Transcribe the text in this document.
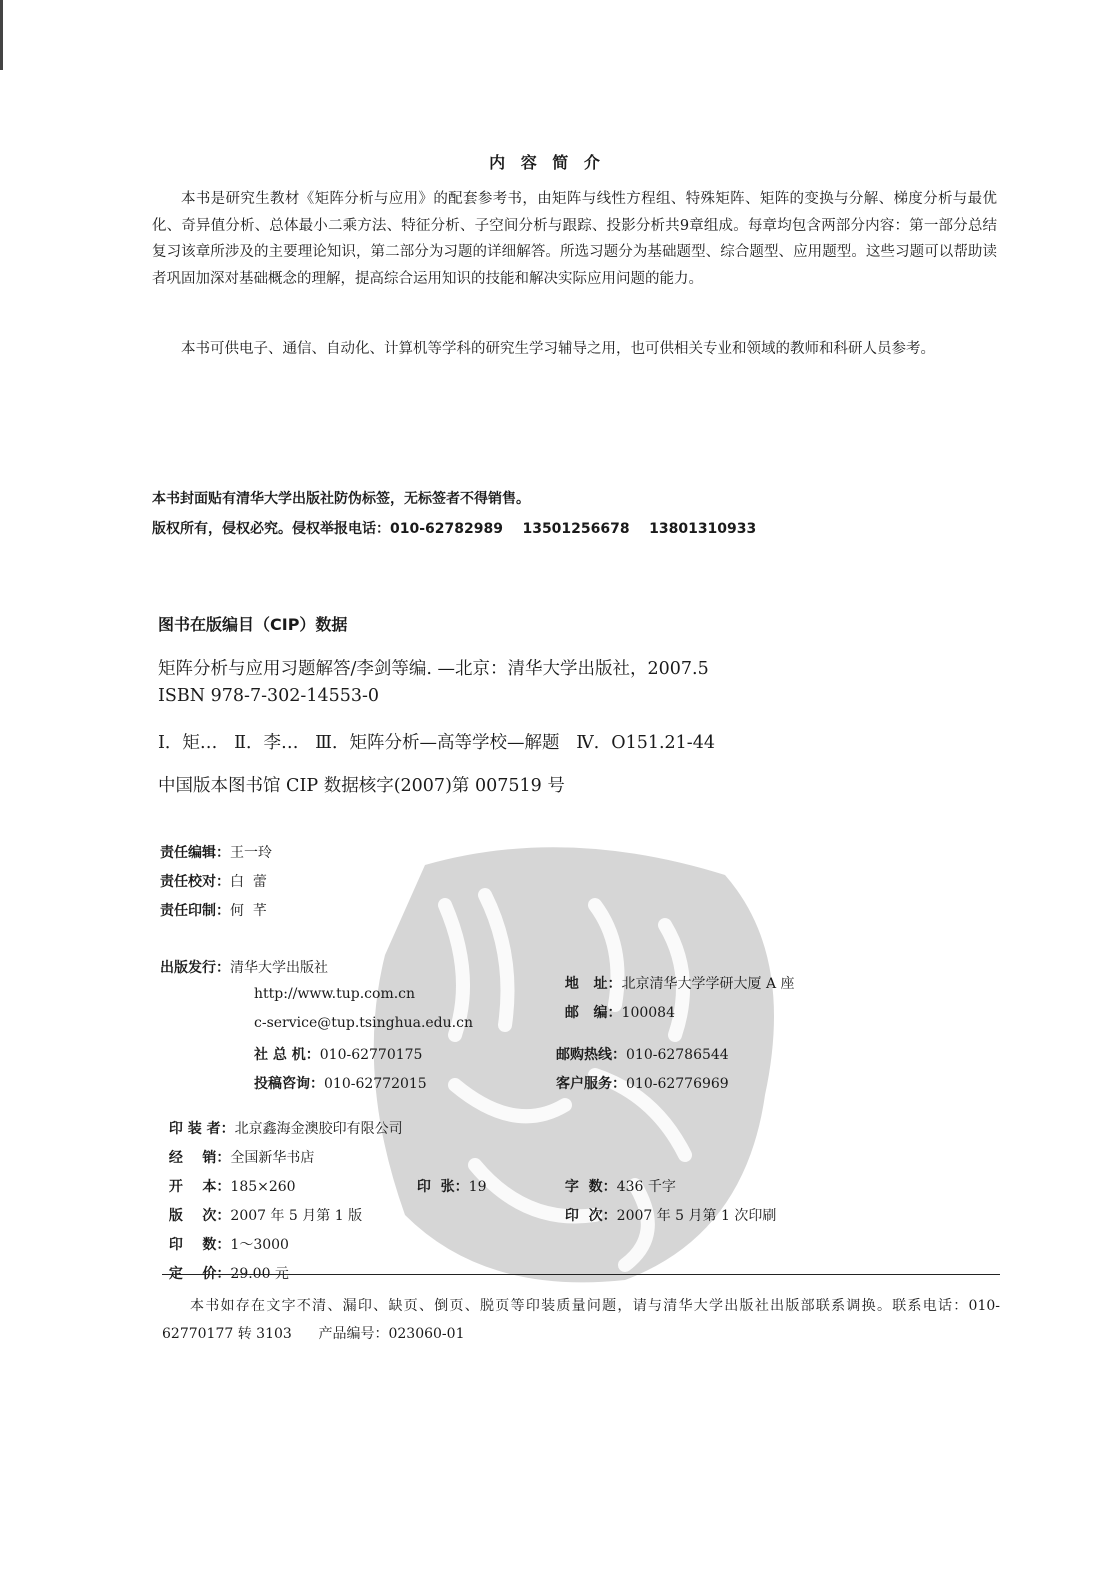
内 容 简 介
本书是研究生教材《矩阵分析与应用》的配套参考书，由矩阵与线性方程组、特殊矩阵、矩阵的变换与分解、梯度分析与最优化、奇异值分析、总体最小二乘方法、特征分析、子空间分析与跟踪、投影分析共9章组成。每章均包含两部分内容：第一部分总结复习该章所涉及的主要理论知识，第二部分为习题的详细解答。所选习题分为基础题型、综合题型、应用题型。这些习题可以帮助读者巩固加深对基础概念的理解，提高综合运用知识的技能和解决实际应用问题的能力。
本书可供电子、通信、自动化、计算机等学科的研究生学习辅导之用，也可供相关专业和领域的教师和科研人员参考。
本书封面贴有清华大学出版社防伪标签，无标签者不得销售。
版权所有，侵权必究。侵权举报电话：010-62782989    13501256678    13801310933
图书在版编目（CIP）数据
矩阵分析与应用习题解答/李剑等编. —北京：清华大学出版社，2007.5
ISBN 978-7-302-14553-0
Ⅰ．矩…   Ⅱ．李…   Ⅲ．矩阵分析—高等学校—解题   Ⅳ．O151.21-44
中国版本图书馆 CIP 数据核字(2007)第 007519 号
责任编辑：王一玲
责任校对：白  蕾
责任印制：何  芊
出版发行：清华大学出版社
http://www.tup.com.cn
c-service@tup.tsinghua.edu.cn
社 总 机：010-62770175
投稿咨询：010-62772015

地   址：北京清华大学学研大厦 A 座

邮   编：100084

邮购热线：010-62786544
客户服务：010-62776969

印 装 者：北京鑫海金澳胶印有限公司

经    销：全国新华书店

开    本：185×260	印  张：19	字  数：436 千字

版    次：2007 年 5 月第 1 版	印  次：2007 年 5 月第 1 次印刷

印    数：1～3000

定    价：29.00 元

本书如存在文字不清、漏印、缺页、倒页、脱页等印装质量问题，请与清华大学出版社出版部联系调换。联系电话：010-62770177 转 3103      产品编号：023060-01
